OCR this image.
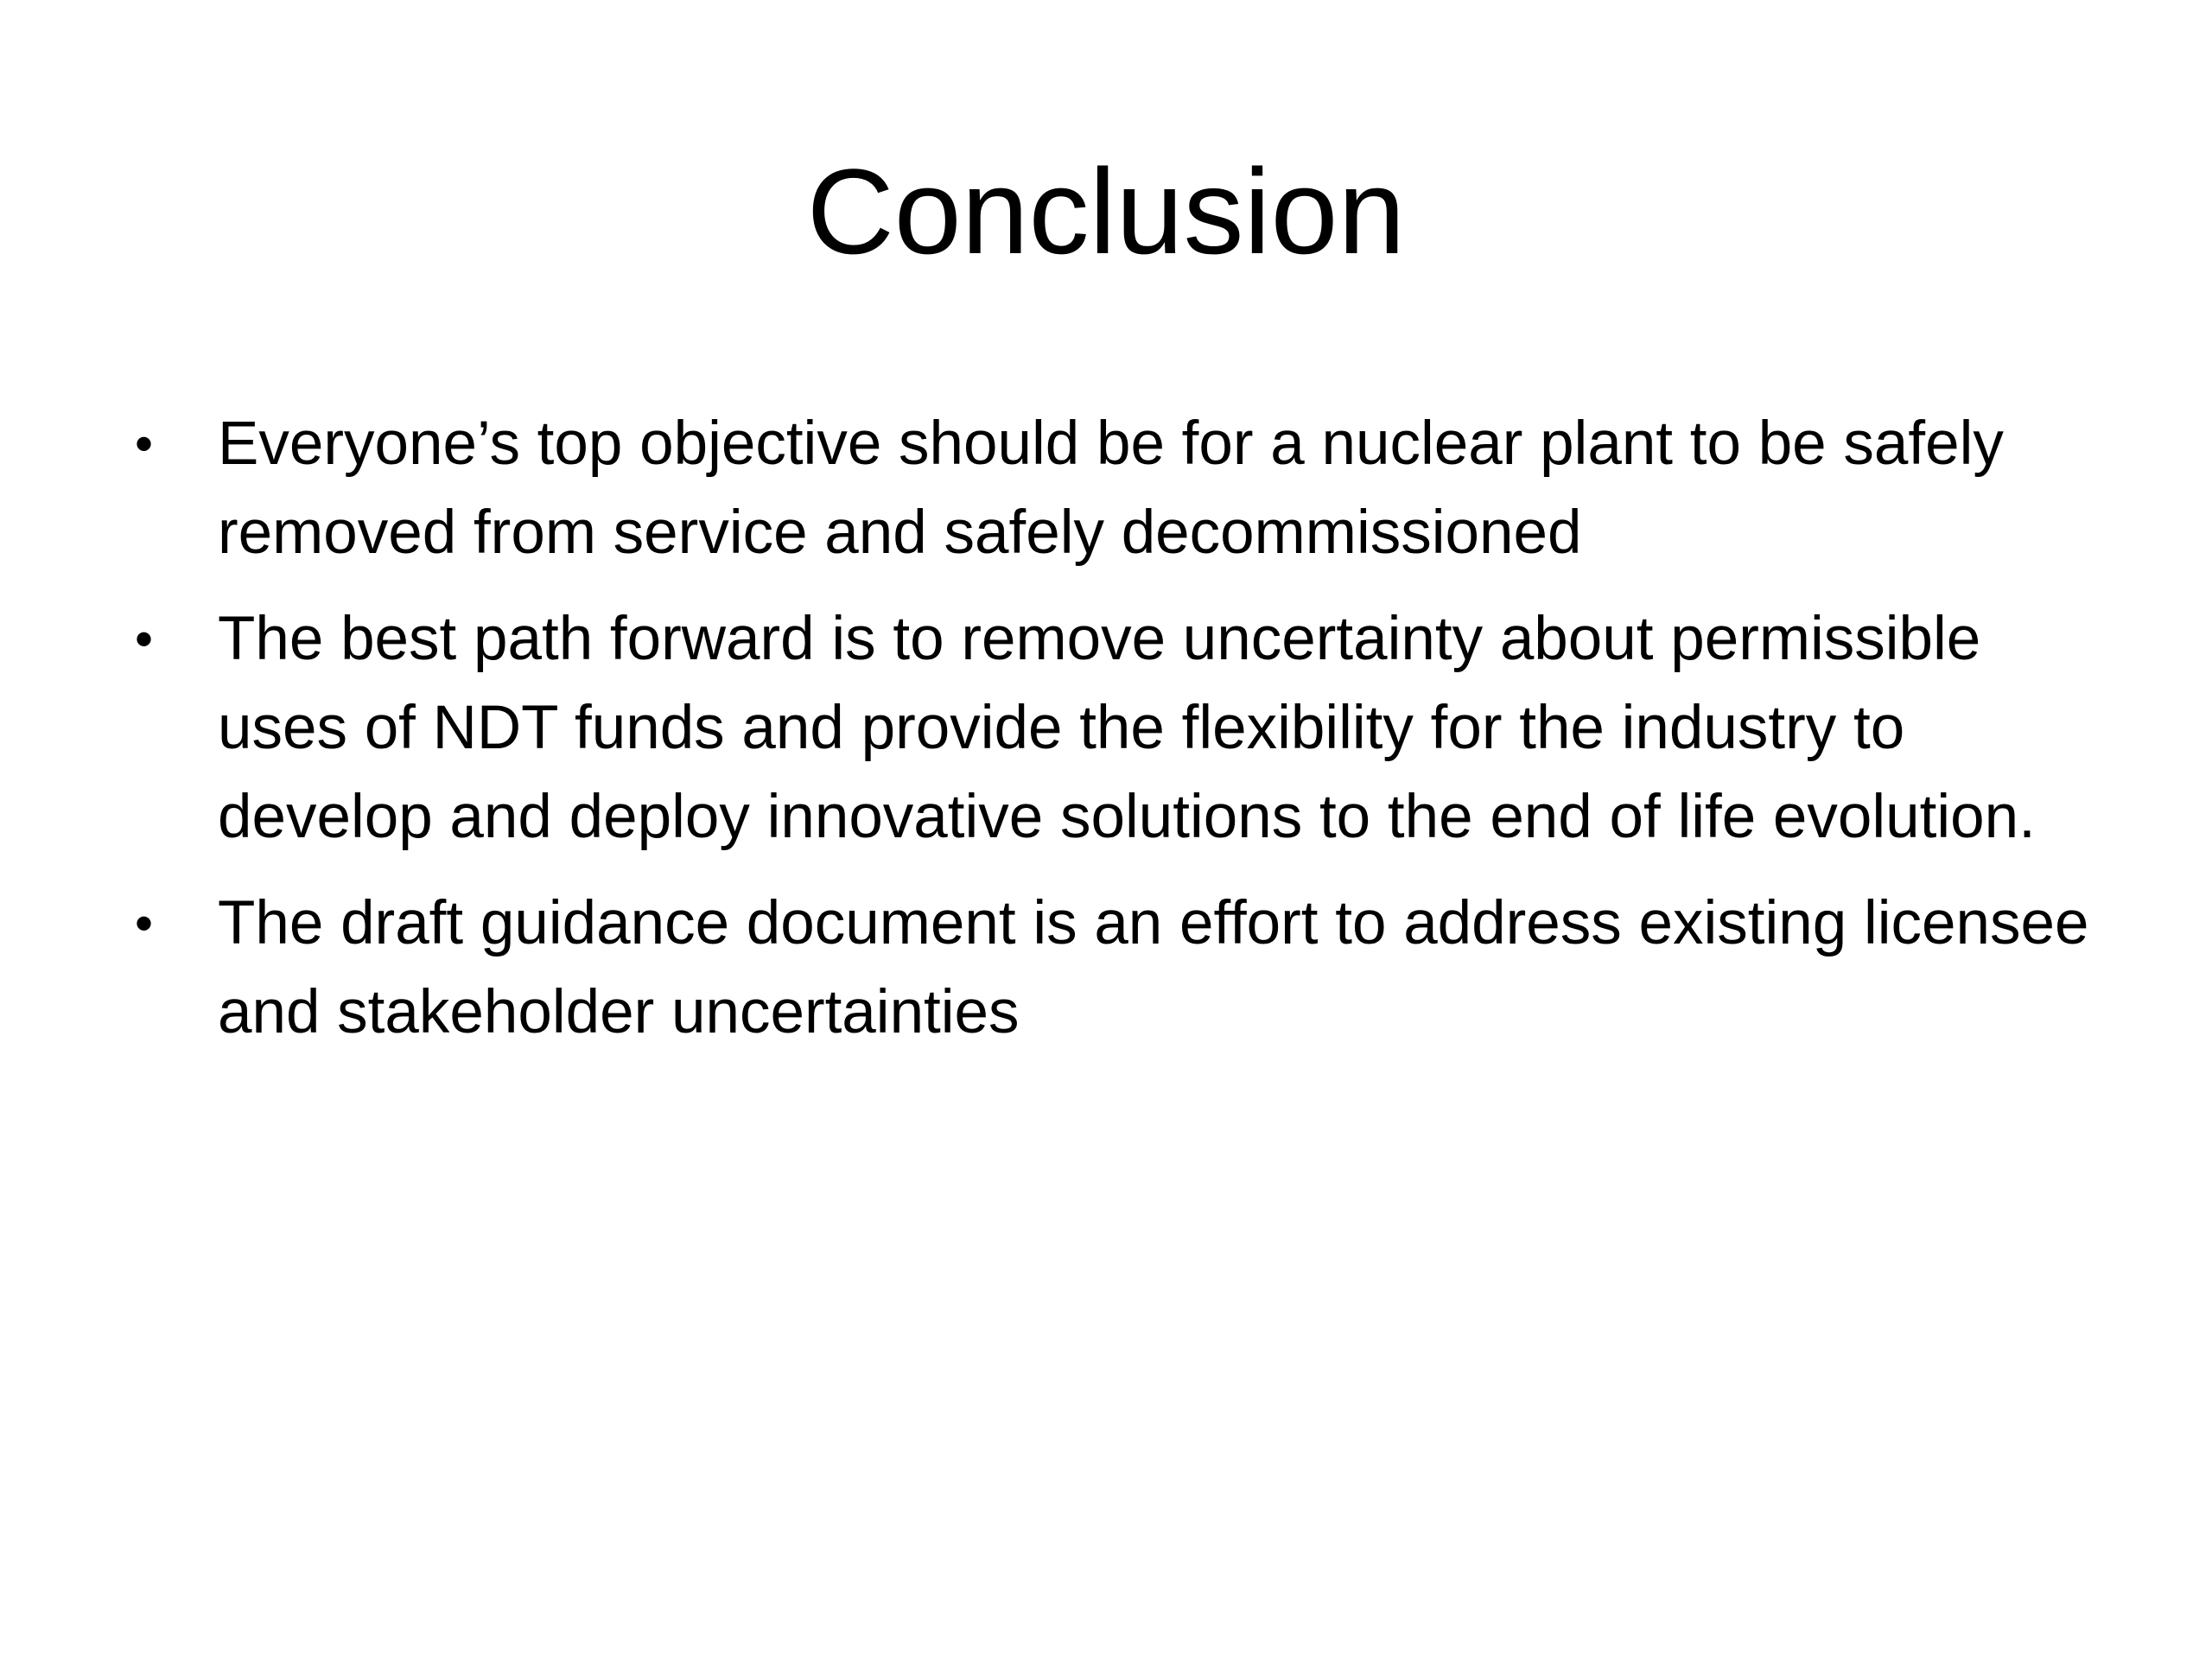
Conclusion
• Everyone’s top objective should be for a nuclear plant to be safely removed from service and safely decommissioned
• The best path forward is to remove uncertainty about permissible uses of NDT funds and provide the flexibility for the industry to develop and deploy innovative solutions to the end of life evolution.
• The draft guidance document is an effort to address existing licensee and stakeholder uncertainties
